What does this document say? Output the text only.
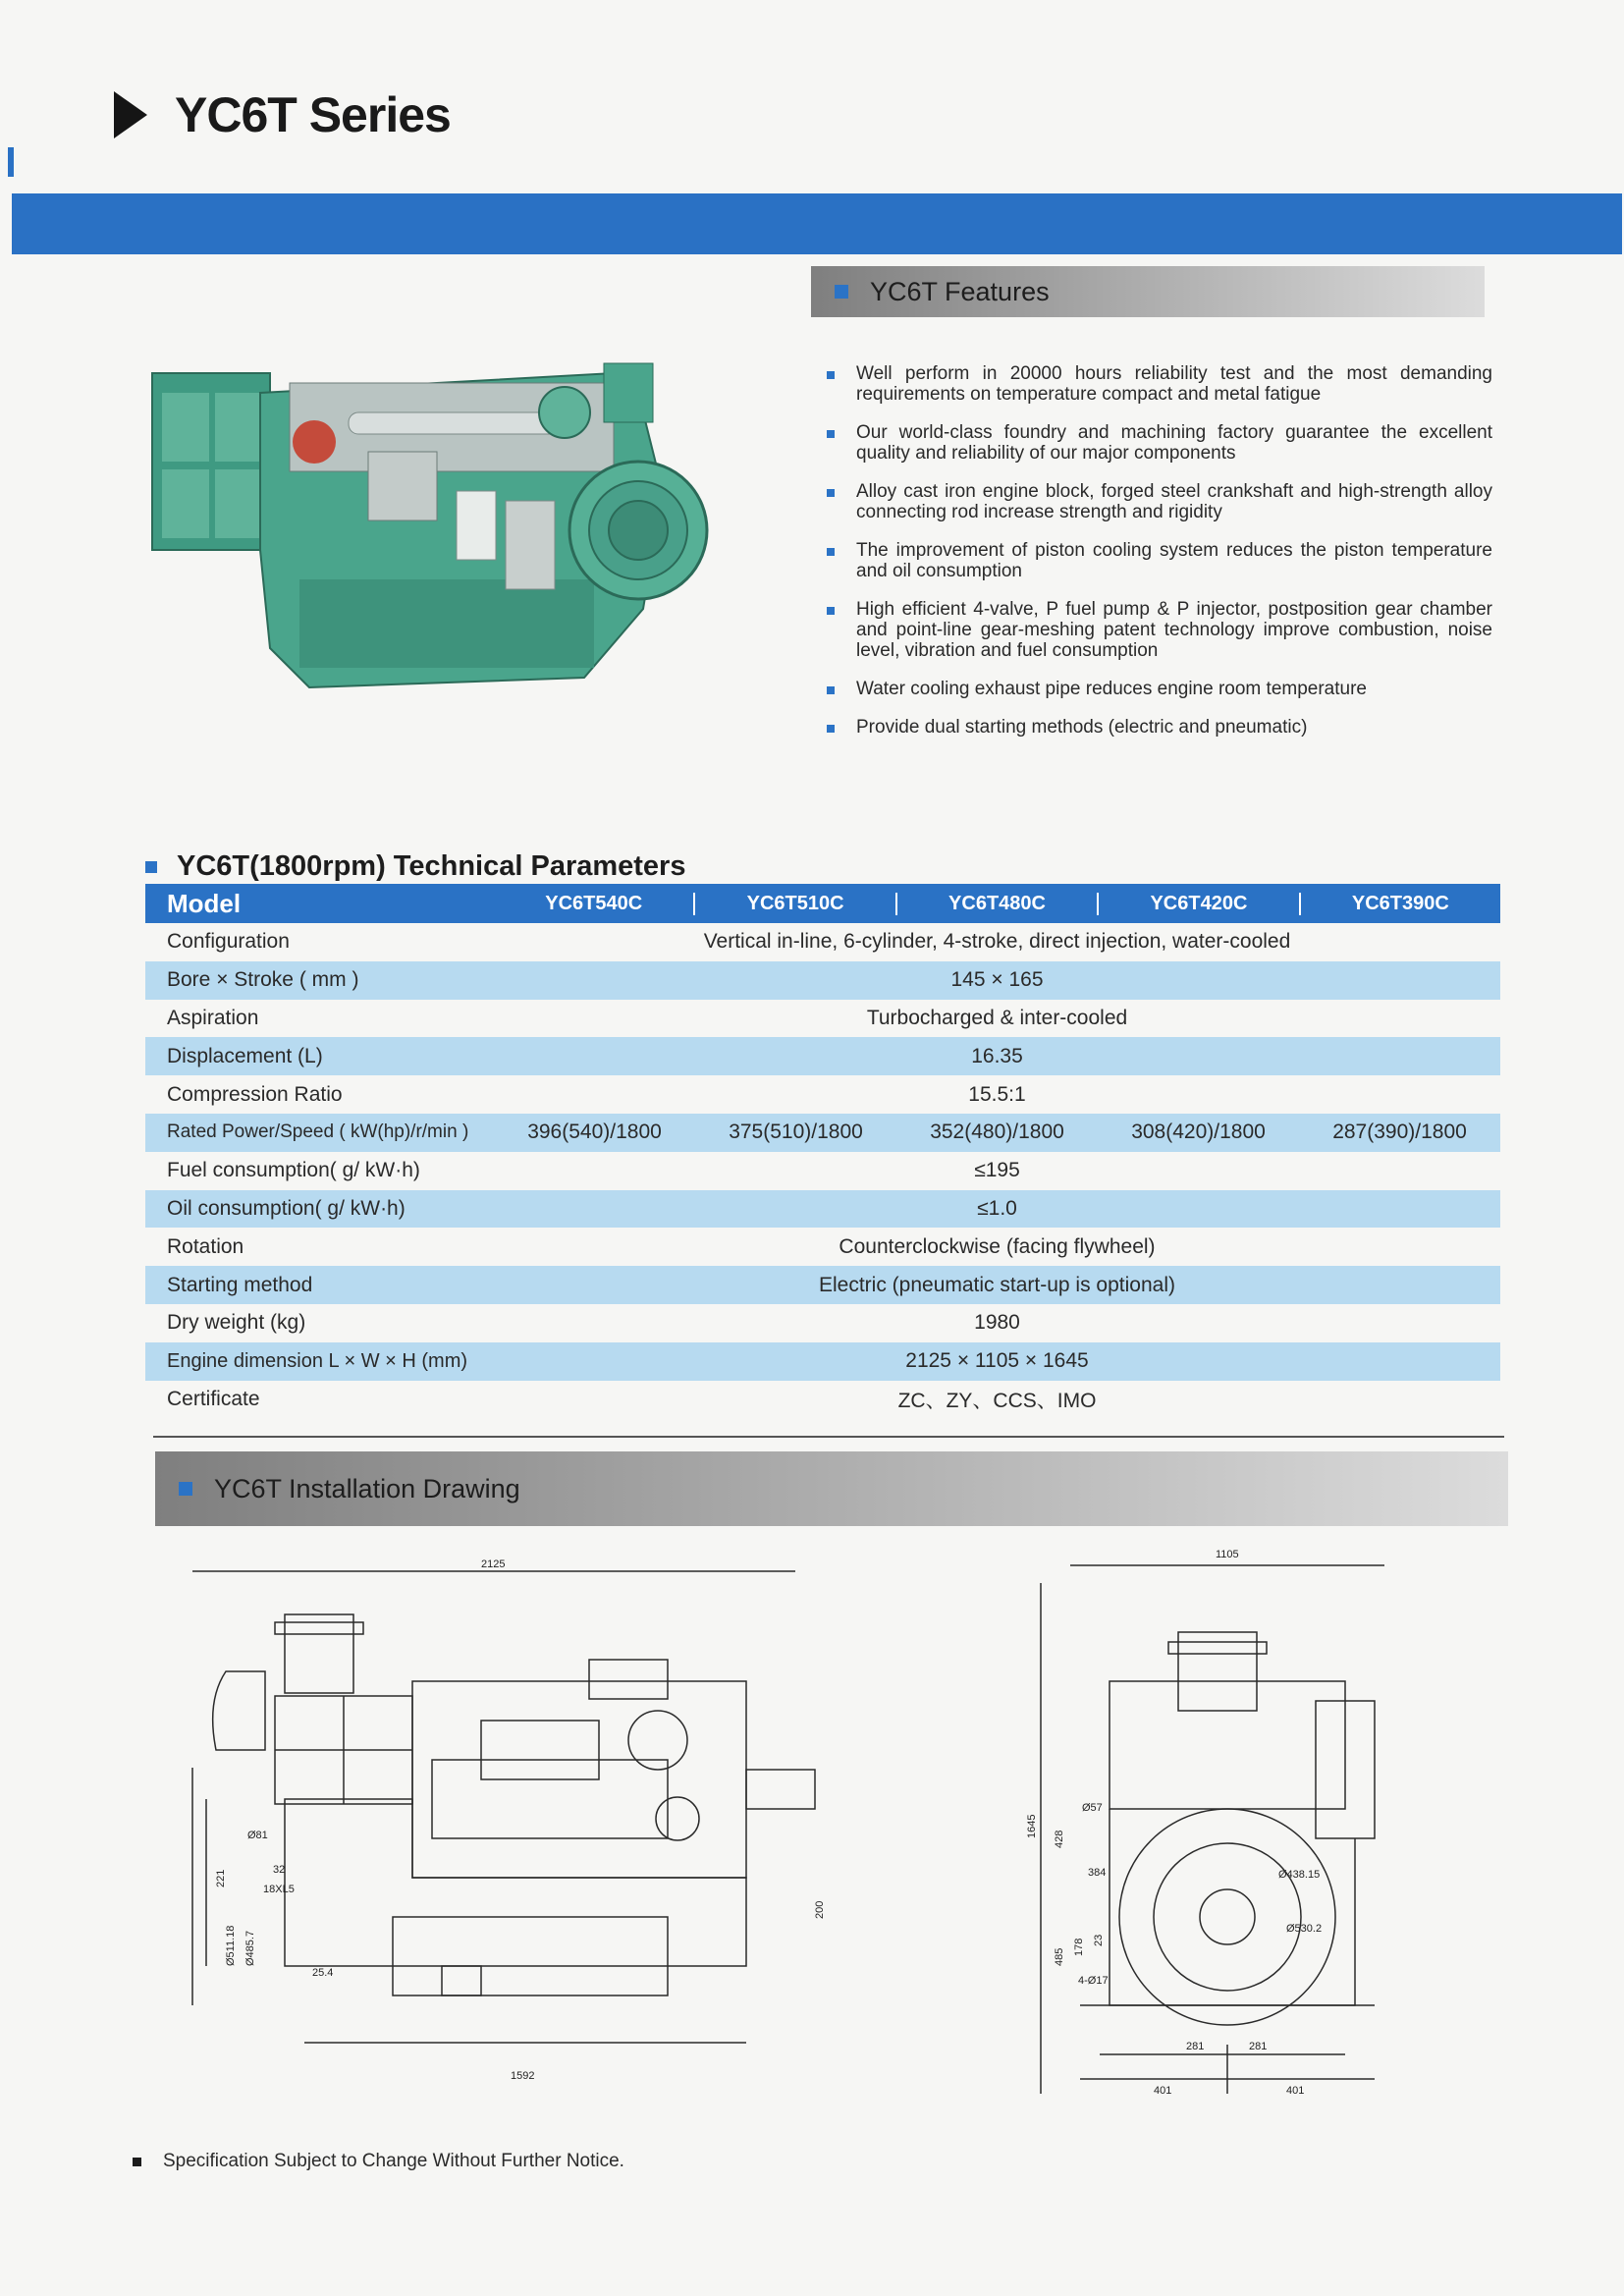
YC6T Series
YC6T Features
Well perform in 20000 hours reliability test and the most demanding requirements on temperature compact and metal fatigue
Our world-class foundry and machining factory guarantee the excellent quality and reliability of our major components
Alloy cast iron engine block, forged steel crankshaft and high-strength alloy connecting rod increase strength and rigidity
The improvement of piston cooling system reduces the piston temperature and oil consumption
High efficient 4-valve, P fuel pump & P injector, postposition gear chamber and point-line gear-meshing patent technology improve combustion, noise level, vibration and fuel consumption
Water cooling exhaust pipe reduces engine room temperature
Provide dual starting methods (electric and pneumatic)
YC6T(1800rpm) Technical Parameters
Model	YC6T540C	YC6T510C	YC6T480C	YC6T420C	YC6T390C
Configuration	Vertical in-line, 6-cylinder, 4-stroke, direct injection, water-cooled
Bore × Stroke ( mm )	145 × 165
Aspiration	Turbocharged & inter-cooled
Displacement (L)	16.35
Compression Ratio	15.5:1
Rated Power/Speed ( kW(hp)/r/min )	396(540)/1800	375(510)/1800	352(480)/1800	308(420)/1800	287(390)/1800
Fuel consumption( g/ kW·h)	≤195
Oil consumption( g/ kW·h)	≤1.0
Rotation	Counterclockwise (facing flywheel)
Starting method	Electric (pneumatic start-up is optional)
Dry weight (kg)	1980
Engine dimension L × W × H (mm)	2125 × 1105 × 1645
Certificate	ZC、ZY、CCS、IMO
YC6T Installation Drawing
2125
1592
Ø81
32
18XL5
25.4
221
Ø511.18 Ø485.7
200
1105
1645
Ø438.15
Ø530.2
281	281
401	401
428
384
485
178 23
4-Ø17
Ø57
Specification Subject to Change Without Further Notice.
